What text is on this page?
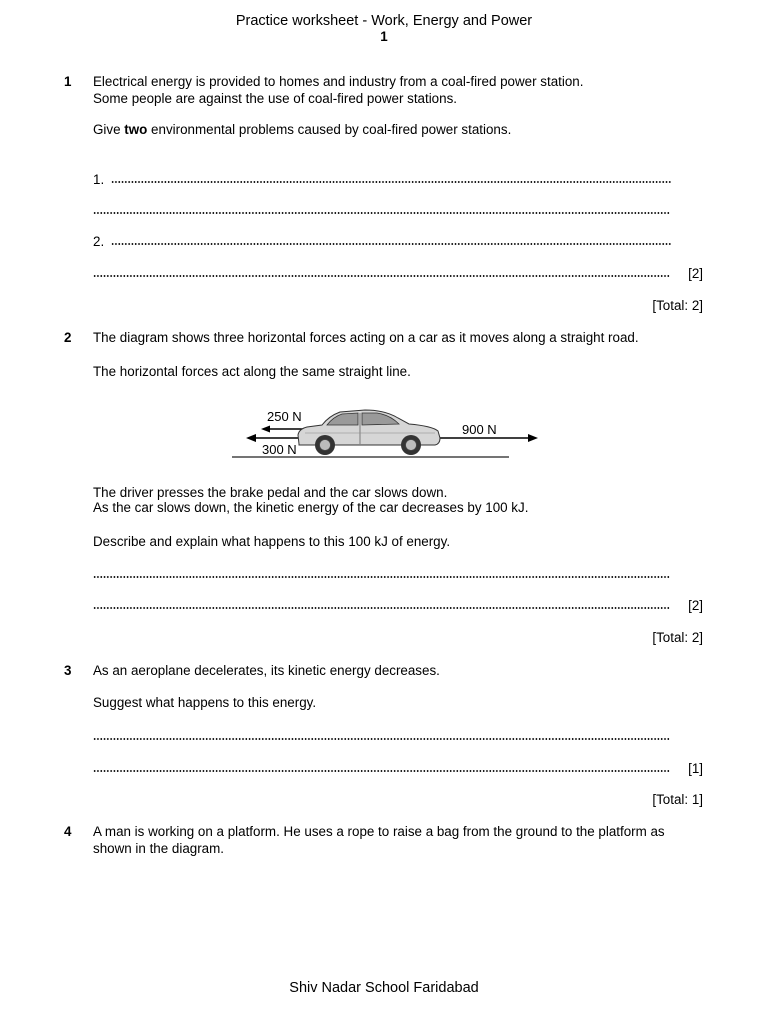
Practice worksheet - Work, Energy and Power
1
1 Electrical energy is provided to homes and industry from a coal-fired power station.
Some people are against the use of coal-fired power stations.
Give two environmental problems caused by coal-fired power stations.
1.
2.
[2]
[Total: 2]
2 The diagram shows three horizontal forces acting on a car as it moves along a straight road.
The horizontal forces act along the same straight line.
250 N
300 N
900 N
The driver presses the brake pedal and the car slows down.
As the car slows down, the kinetic energy of the car decreases by 100 kJ.
Describe and explain what happens to this 100 kJ of energy.
[2]
[Total: 2]
3 As an aeroplane decelerates, its kinetic energy decreases.
Suggest what happens to this energy.
[1]
[Total: 1]
4 A man is working on a platform. He uses a rope to raise a bag from the ground to the platform as
shown in the diagram.
Shiv Nadar School Faridabad
